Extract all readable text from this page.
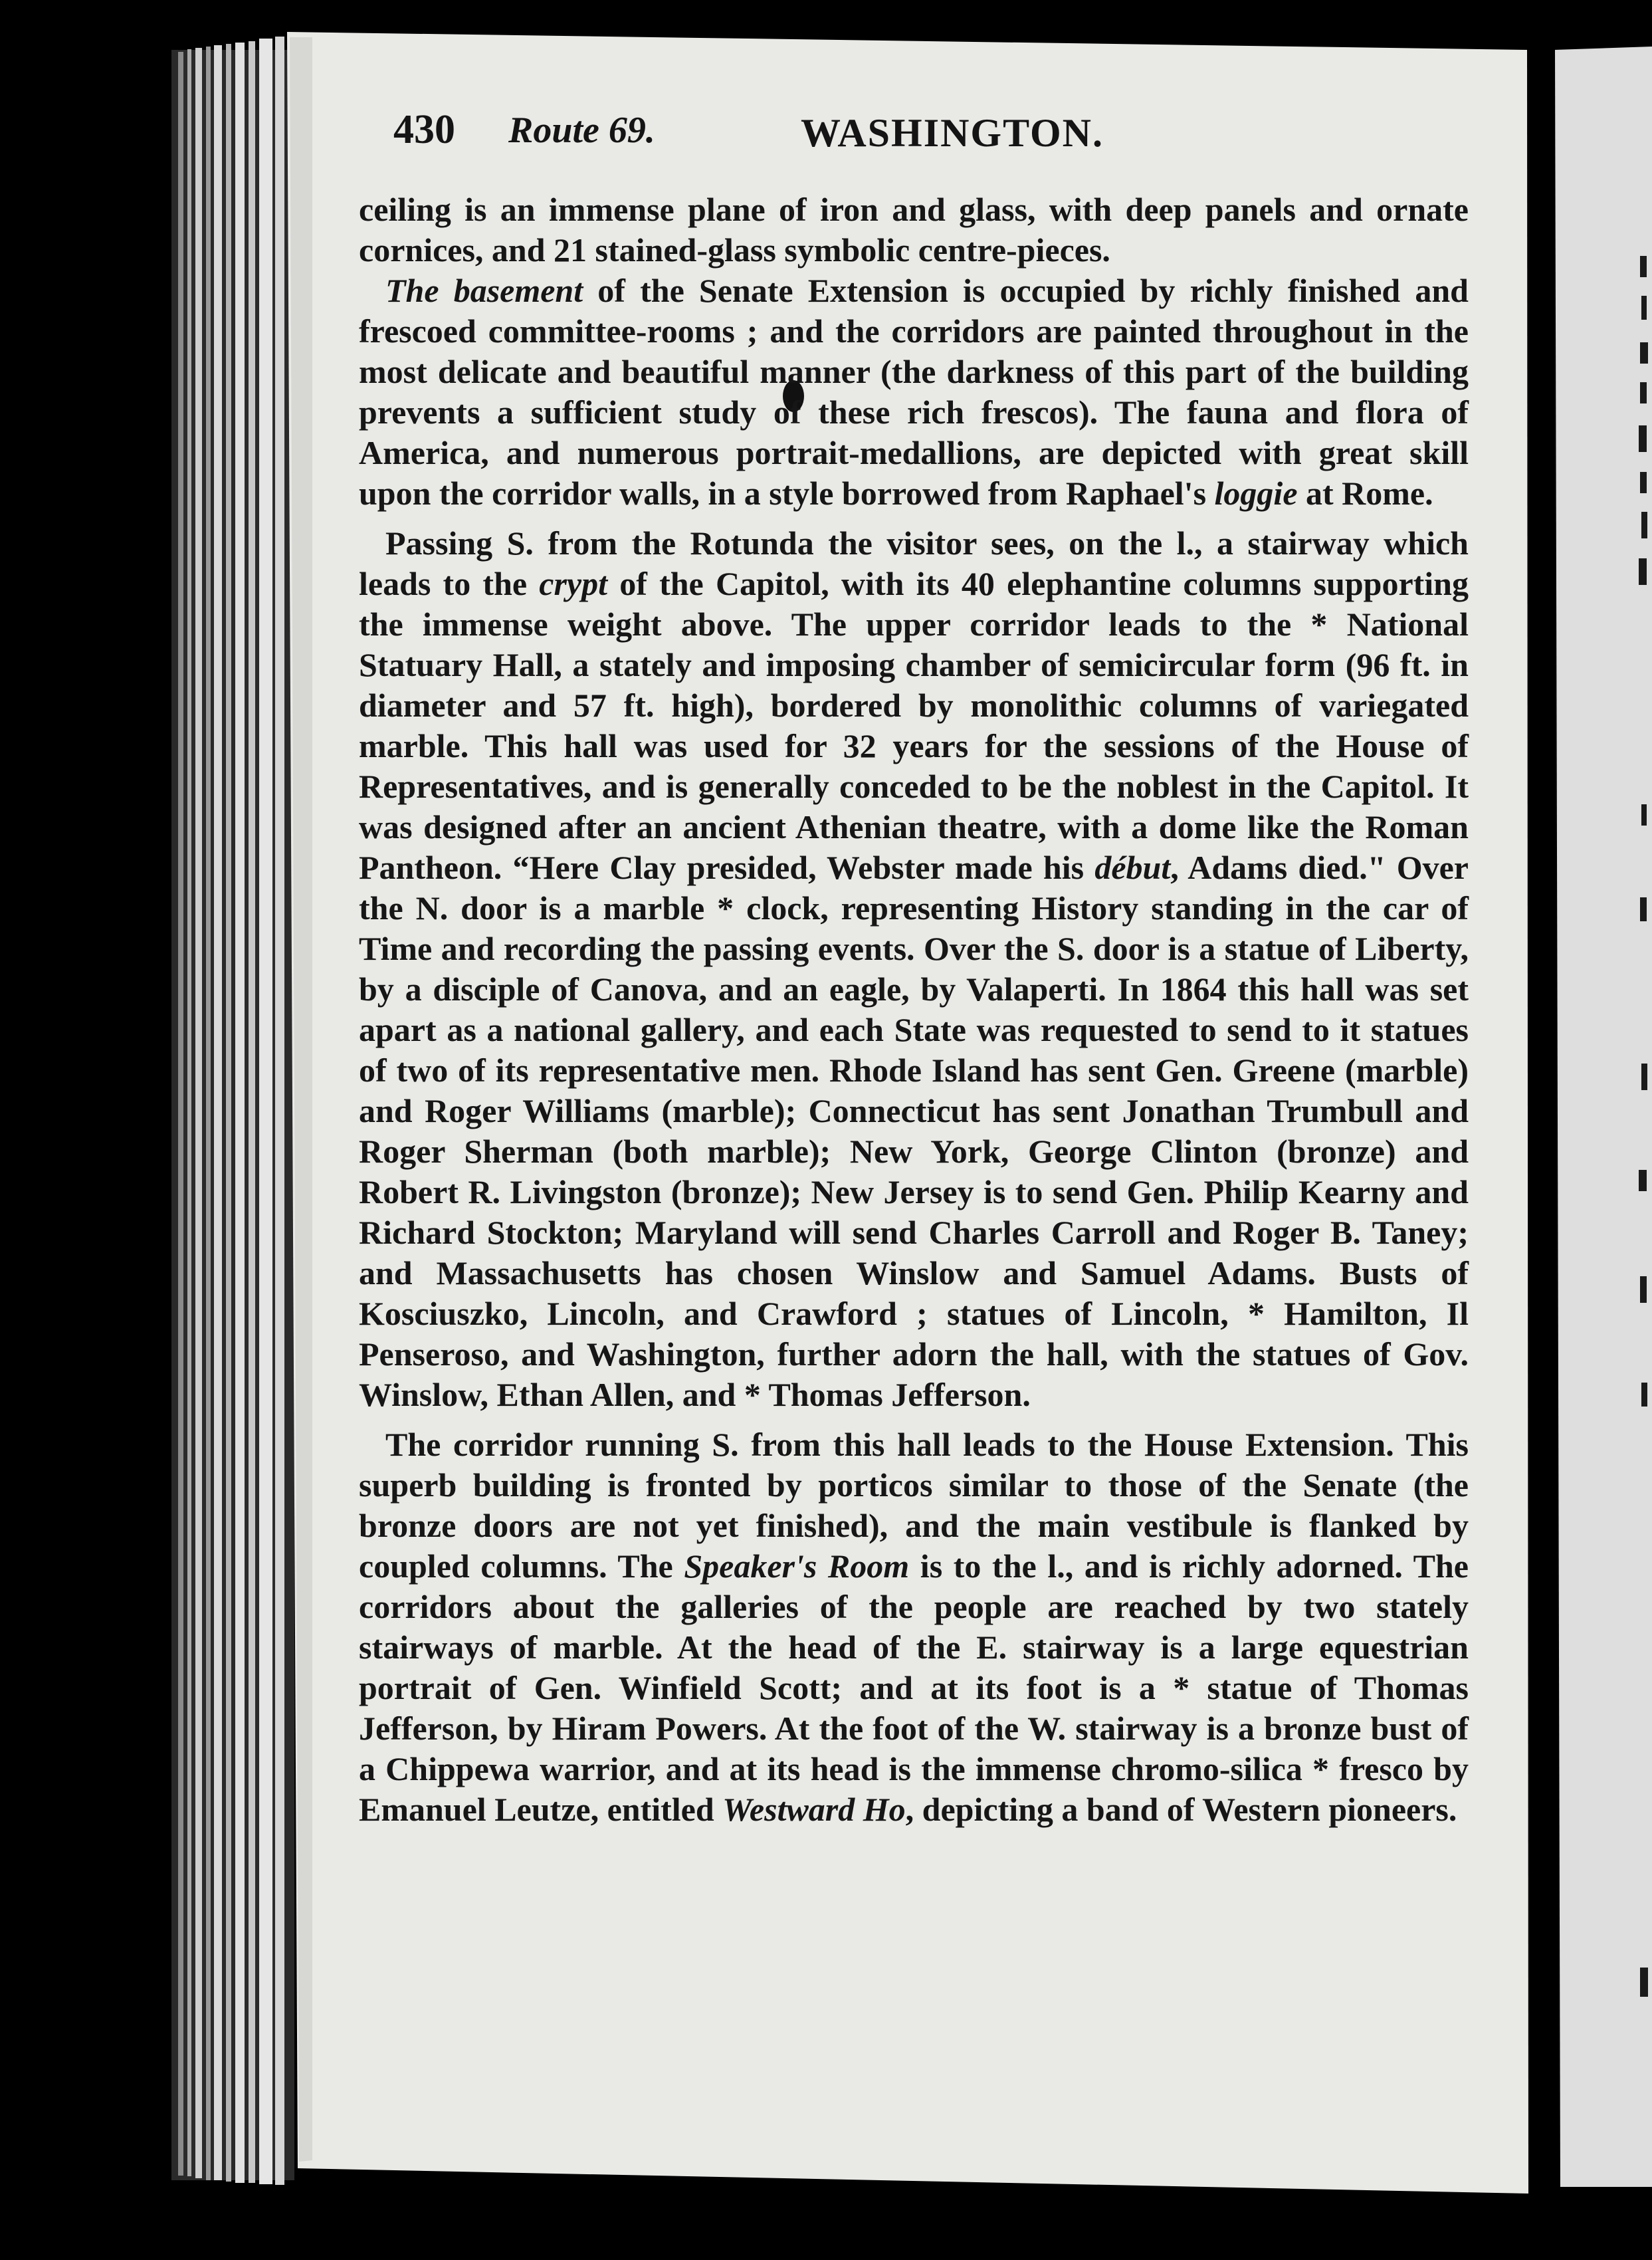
430 Route 69.	WASHINGTON.

ceiling is an immense plane of iron and glass, with deep panels and ornate cornices, and 21 stained-glass symbolic centre-pieces.

The basement of the Senate Extension is occupied by richly finished and frescoed committee-rooms ; and the corridors are painted throughout in the most delicate and beautiful manner (the darkness of this part of the building prevents a sufficient study of these rich frescos). The fauna and flora of America, and numerous portrait-medallions, are depicted with great skill upon the corridor walls, in a style borrowed from Raphael's loggie at Rome.

Passing S. from the Rotunda the visitor sees, on the l., a stairway which leads to the crypt of the Capitol, with its 40 elephantine columns supporting the immense weight above. The upper corridor leads to the * National Statuary Hall, a stately and imposing chamber of semicircular form (96 ft. in diameter and 57 ft. high), bordered by monolithic columns of variegated marble. This hall was used for 32 years for the sessions of the House of Representatives, and is generally conceded to be the noblest in the Capitol. It was designed after an ancient Athenian theatre, with a dome like the Roman Pantheon. “Here Clay presided, Webster made his début, Adams died." Over the N. door is a marble * clock, representing History standing in the car of Time and recording the passing events. Over the S. door is a statue of Liberty, by a disciple of Canova, and an eagle, by Valaperti. In 1864 this hall was set apart as a national gallery, and each State was requested to send to it statues of two of its representative men. Rhode Island has sent Gen. Greene (marble) and Roger Williams (marble); Connecticut has sent Jonathan Trumbull and Roger Sherman (both marble); New York, George Clinton (bronze) and Robert R. Livingston (bronze); New Jersey is to send Gen. Philip Kearny and Richard Stockton; Maryland will send Charles Carroll and Roger B. Taney; and Massachusetts has chosen Winslow and Samuel Adams. Busts of Kosciuszko, Lincoln, and Crawford ; statues of Lincoln, * Hamilton, Il Penseroso, and Washington, further adorn the hall, with the statues of Gov. Winslow, Ethan Allen, and * Thomas Jefferson.

The corridor running S. from this hall leads to the House Extension. This superb building is fronted by porticos similar to those of the Senate (the bronze doors are not yet finished), and the main vestibule is flanked by coupled columns. The Speaker's Room is to the l., and is richly adorned. The corridors about the galleries of the people are reached by two stately stairways of marble. At the head of the E. stairway is a large equestrian portrait of Gen. Winfield Scott; and at its foot is a * statue of Thomas Jefferson, by Hiram Powers. At the foot of the W. stairway is a bronze bust of a Chippewa warrior, and at its head is the immense chromo-silica * fresco by Emanuel Leutze, entitled Westward Ho, depicting a band of Western pioneers.
